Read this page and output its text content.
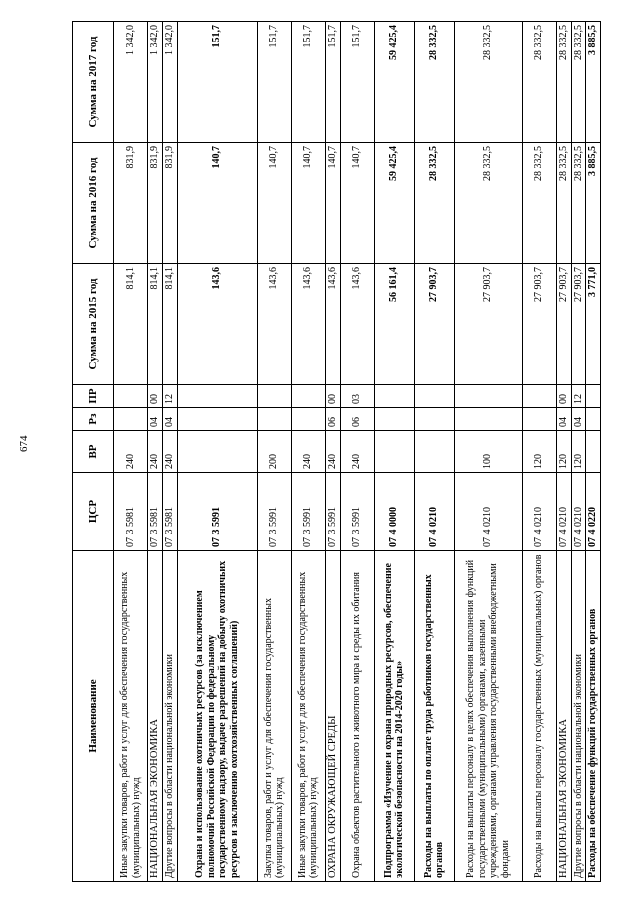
674
Наименование	ЦСР	ВР	Рз	ПР	Сумма на 2015 год	Сумма на 2016 год	Сумма на 2017 год
Иные закупки товаров, работ и услуг для обеспечения государственных (муниципальных) нужд	07 3 5981	240			814,1	831,9	1 342,0
НАЦИОНАЛЬНАЯ ЭКОНОМИКА	07 3 5981	240	04	00	814,1	831,9	1 342,0
Другие вопросы в области национальной экономики	07 3 5981	240	04	12	814,1	831,9	1 342,0
Охрана и использование охотничьих ресурсов (за исключением полномочий Российской Федерации по федеральному государственному надзору, выдаче разрешений на добычу охотничьих ресурсов и заключению охотхозяйственных соглашений)	07 3 5991				143,6	140,7	151,7
Закупка товаров, работ и услуг для обеспечения государственных (муниципальных) нужд	07 3 5991	200			143,6	140,7	151,7
Иные закупки товаров, работ и услуг для обеспечения государственных (муниципальных) нужд	07 3 5991	240			143,6	140,7	151,7
ОХРАНА ОКРУЖАЮЩЕЙ СРЕДЫ	07 3 5991	240	06	00	143,6	140,7	151,7
Охрана объектов растительного и животного мира и среды их обитания	07 3 5991	240	06	03	143,6	140,7	151,7
Подпрограмма «Изучение и охрана природных ресурсов, обеспечение экологической безопасности на 2014-2020 годы»	07 4 0000				56 161,4	59 425,4	59 425,4
Расходы на выплаты по оплате труда работников государственных органов	07 4 0210				27 903,7	28 332,5	28 332,5
Расходы на выплаты персоналу в целях обеспечения выполнения функций государственными (муниципальными) органами, казенными учреждениями, органами управления государственными внебюджетными фондами	07 4 0210	100			27 903,7	28 332,5	28 332,5
Расходы на выплаты персоналу государственных (муниципальных) органов	07 4 0210	120			27 903,7	28 332,5	28 332,5
НАЦИОНАЛЬНАЯ ЭКОНОМИКА	07 4 0210	120	04	00	27 903,7	28 332,5	28 332,5
Другие вопросы в области национальной экономики	07 4 0210	120	04	12	27 903,7	28 332,5	28 332,5
Расходы на обеспечение функций государственных органов	07 4 0220				3 771,0	3 885,5	3 885,5
